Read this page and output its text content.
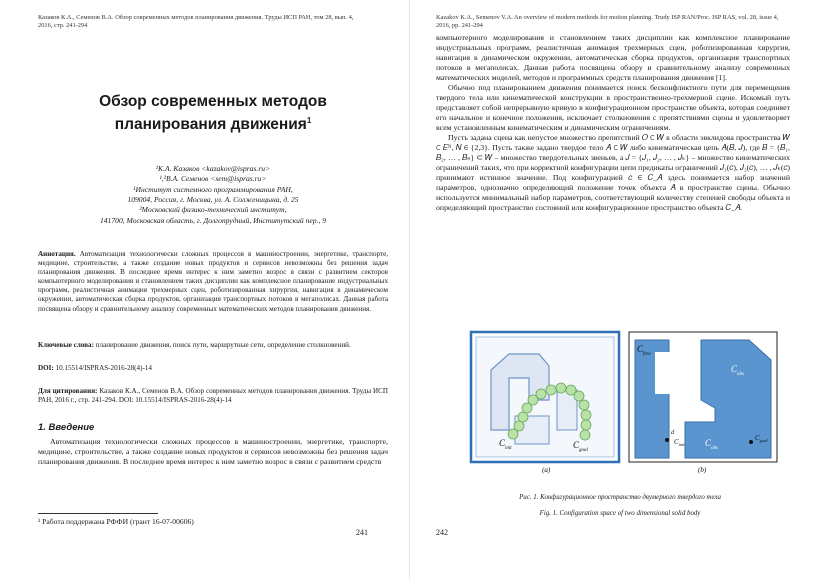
Казаков К.А., Семенов В.А. Обзор современных методов планирования движения. Труды ИСП РАН, том 28, вып. 4, 2016, стр. 241-294
Обзор современных методов
планирования движения$^1$

¹К.А. Казаков <kazakov@ispras.ru>

¹,²В.А. Семенов <sem@ispras.ru>

¹Институт системного программирования РАН,

109004, Россия, г. Москва, ул. А. Солженицына, д. 25

²Московский физико-технический институт,

141700, Московская область, г. Долгопрудный, Институтский пер., 9

Аннотация. Автоматизация технологически сложных процессов в машиностроении, энергетике, транспорте, медицине, строительстве, а также создание новых продуктов и сервисов невозможны без решения задач планирования движения. В последнее время интерес к ним заметно возрос в связи с развитием секторов компьютерного моделирования и становлением таких дисциплин как комплексное планирование индустриальных программ, реалистичная анимация трехмерных сцен, роботизированная хирургия, навигация в динамическом окружении, автоматическая сборка продуктов, организация транспортных потоков в мегаполисах. Данная работа посвящена обзору и сравнительному анализу современных математических методов планирования движения.

Ключевые слова: планирование движения, поиск пути, маршрутные сети, определение столкновений.

DOI: 10.15514/ISPRAS-2016-28(4)-14

Для цитирования: Казаков К.А., Семенов В.А. Обзор современных методов планирования движения. Труды ИСП РАН, 2016 г., стр. 241-294. DOI: 10.15514/ISPRAS-2016-28(4)-14

1. Введение

Автоматизация технологически сложных процессов в машиностроении, энергетике, транспорте, медицине, строительстве, а также создание новых продуктов и сервисов невозможны без решения задач планирования движения. В последнее время интерес к ним заметно возрос в связи с развитием средств

¹ Работа поддержана РФФИ (грант 16-07-00606)
241
Kazakov K.A., Semenov V.A. An overview of modern methods for motion planning. Trudy ISP RAN/Proc. ISP RAS, vol. 28, issue 4, 2016, pp. 241-294

компьютерного моделирования и становлением таких дисциплин как комплексное планирование индустриальных программ, реалистичная анимация трехмерных сцен, роботизированная хирургия, навигация в динамическом окружении, автоматическая сборка продуктов, организация транспортных потоков в мегаполисах. Данная работа посвящена обзору и сравнительному анализу современных математических моделей, методов и программных средств планирования движения [1].

Обычно под планированием движения понимается поиск бесконфликтного пути для перемещения твердого тела или кинематической конструкции в пространственно-трехмерной сцене. Искомый путь представляет собой непрерывную кривую в конфигурационном пространстве объекта, которая соединяет его начальное и конечное положения, исключает столкновения с препятствиями сцены и удовлетворяет всем установленным кинематическим и динамическим ограничениям.

Пусть задана сцена как непустое множество препятствий 𝑂 ⊂ 𝑊 в области эвклидова пространства 𝑊 ⊂ 𝐸ᴺ, 𝑁 ∈ {2,3}. Пусть также задано твердое тело 𝐴 ⊂ 𝑊 либо кинематическая цепь 𝐴(𝐵, 𝐽), где 𝐵 = {𝐵₁, 𝐵₂, … , 𝐵ₙ} ⊂ 𝑊 – множество твердотельных звеньев, а 𝐽 = {𝐽₁, 𝐽₂, … , 𝐽ₖ} – множество кинематических ограничений таких, что при корректной конфигурации цепи предикаты ограничений 𝐽₁(𝑐), 𝐽₂(𝑐), … , 𝐽ₖ(𝑐) принимают истинное значение. Под конфигурацией 𝑐 ∈ 𝐶_𝐴 здесь понимается набор значений параметров, однозначно определяющий положение точек объекта 𝐴 в пространстве сцены. Обычно используется минимальный набор параметров, соответствующий количеству степеней свободы объекта и определяющий пространство состояний или конфигурационное пространство объекта 𝐶_𝐴.

$C_{init}$	$C_{goal}$
(a)
$C_{free}$
$C_{obs}$
$C_{obs}$
d
$C_{init}$
$C_{goal}$
(b)
Рис. 1. Конфигурационное пространство двумерного твердого тела
Fig. 1. Configuration space of two dimensional solid body
242
